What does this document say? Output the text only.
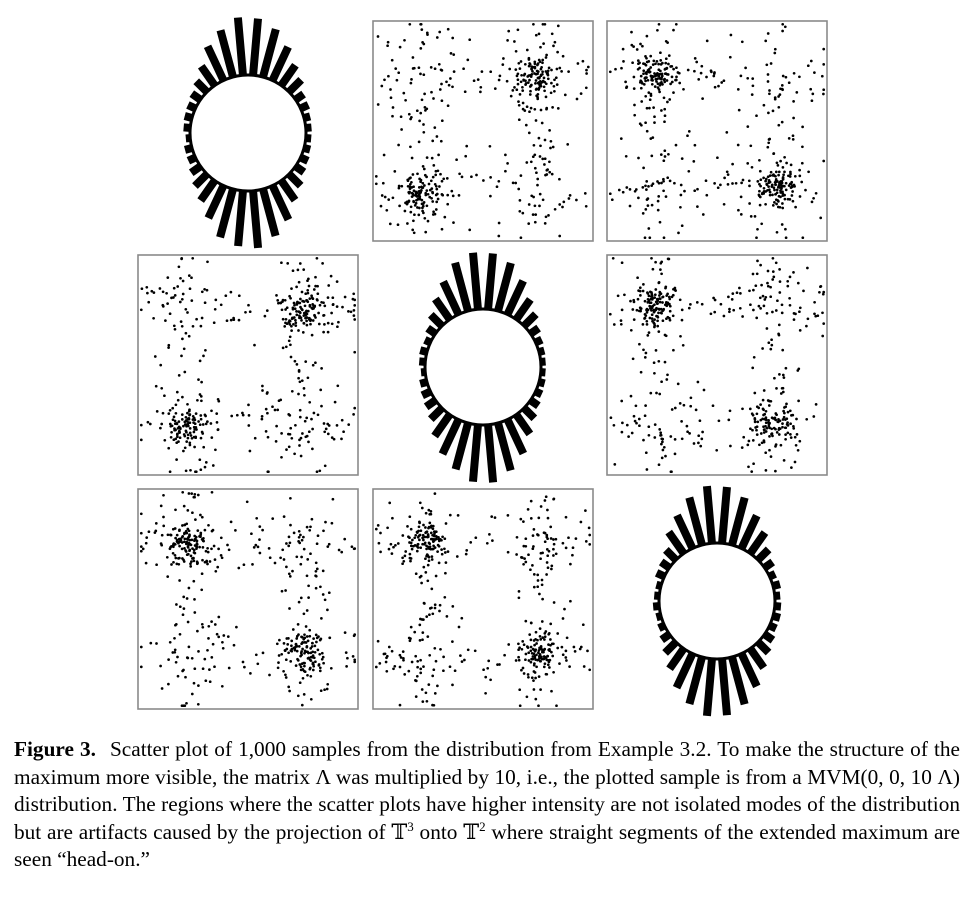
Figure 3. Scatter plot of 1,000 samples from the distribution from Example 3.2. To make the structure of the maximum more visible, the matrix Λ was multiplied by 10, i.e., the plotted sample is from a MVM(0, 0, 10 Λ) distribution. The regions where the scatter plots have higher intensity are not isolated modes of the distribution but are artifacts caused by the projection of 𝕋$^3$ onto 𝕋$^2$ where straight segments of the extended maximum are seen “head-on.”
